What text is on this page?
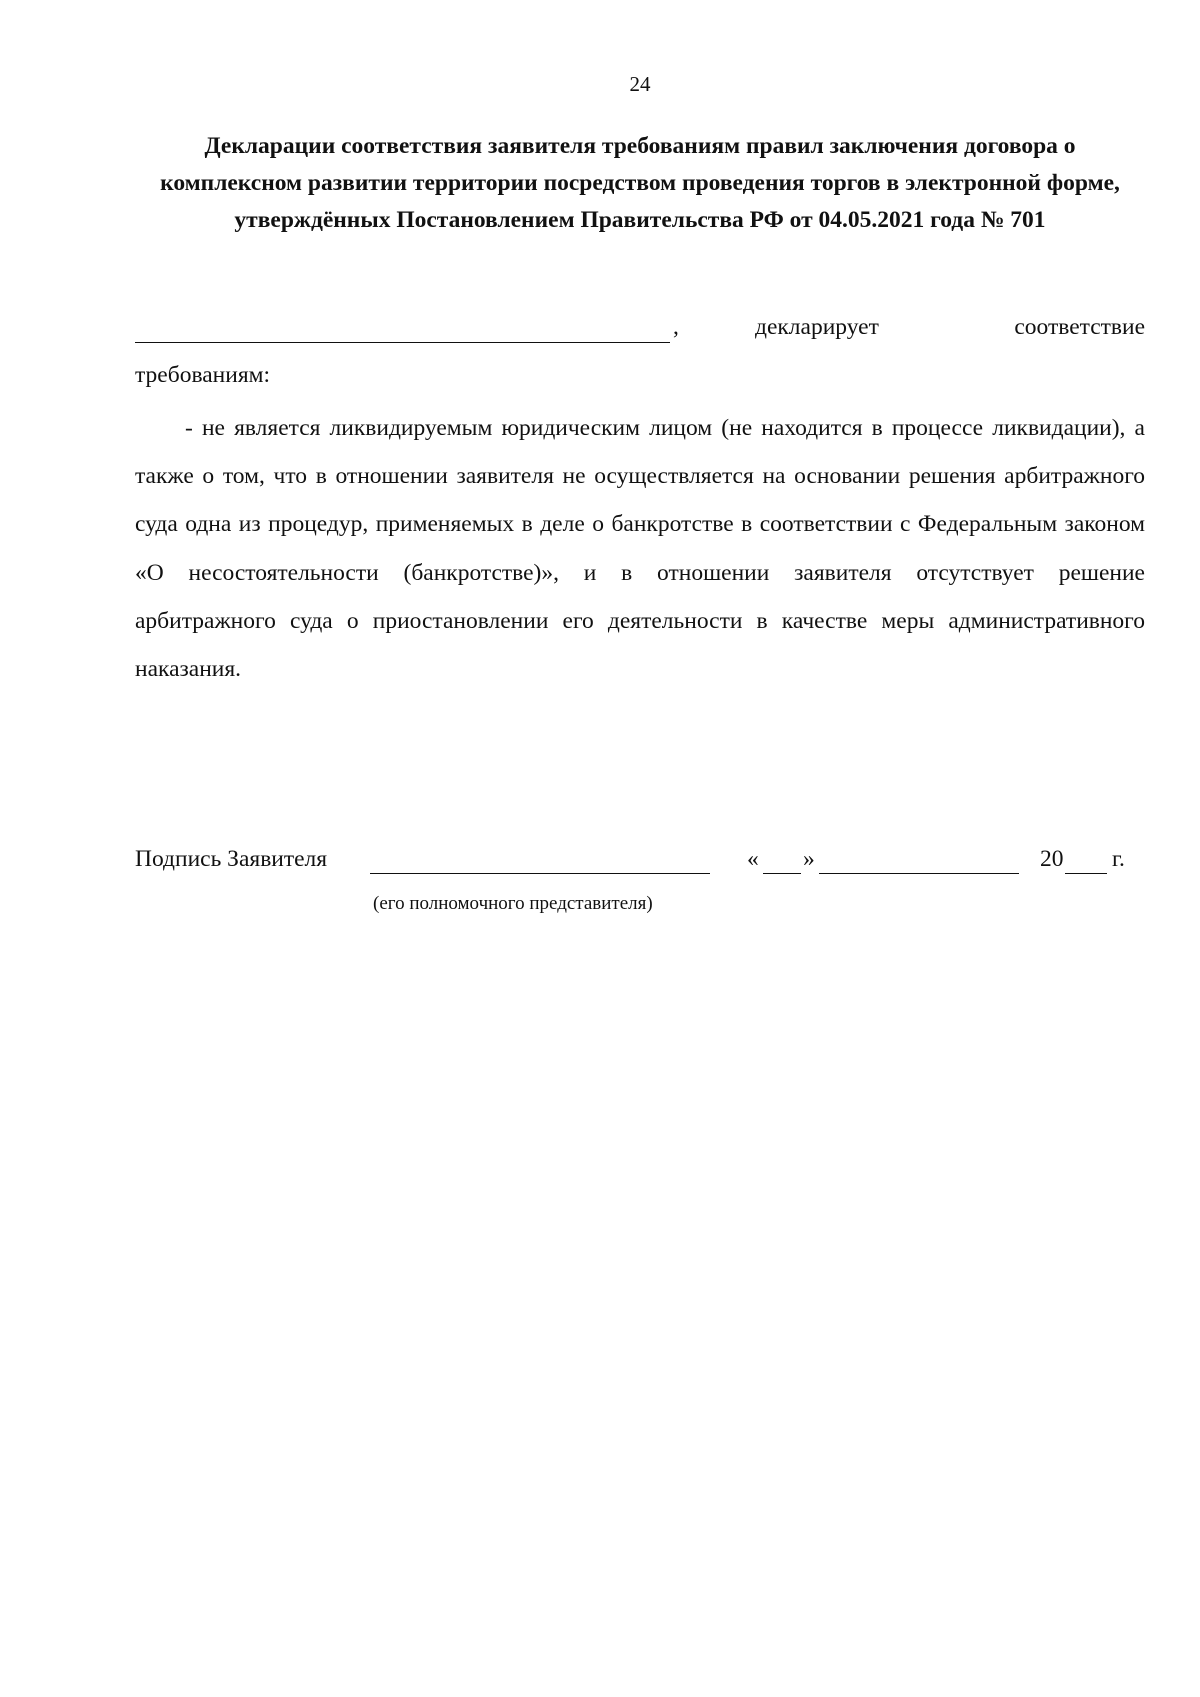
24
Декларации соответствия заявителя требованиям правил заключения договора о комплексном развитии территории посредством проведения торгов в электронной форме, утверждённых Постановлением Правительства РФ от 04.05.2021 года № 701
,	декларирует	соответствие
требованиям:

- не является ликвидируемым юридическим лицом (не находится в процессе ликвидации), а также о том, что в отношении заявителя не осуществляется на основании решения арбитражного суда одна из процедур, применяемых в деле о банкротстве в соответствии с Федеральным законом «О несостоятельности (банкротстве)», и в отношении заявителя отсутствует решение арбитражного суда о приостановлении его деятельности в качестве меры административного наказания.

Подпись Заявителя	« »	20 г.
(его полномочного представителя)
